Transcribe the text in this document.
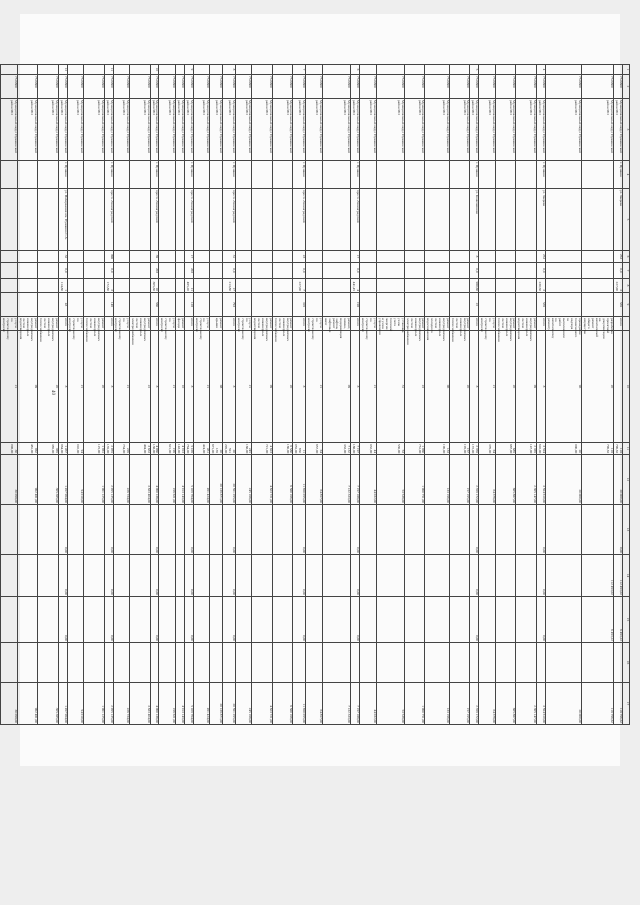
40
1	2	3	4	5	6	7	8	9		10	11	12	13	14	15	16	17
	7516800	Муниципальный округ Пушкинский район МО	г. Пушкин	ул. Зверева	253	0,0	3 227,00	539	итого		118 796,62	20 000,00	0,00	112 493,02	6 493,22		118 796,62
	7516800	Муниципальный округ Пушкинский район МО							разработка проектной документации на капитальный ремонт общего имущества	20	118 796,62			112 493,02	6 493,22		118 796,62
	7516800	Муниципальный округ Пушкинский район МО							проведение технического надзора за выполнением работ по капитальному ремонту	96	20 000,00	20 000,00					20 000,00
4	7516800	Муниципальный округ Пушкинский район МО	г. Пушкин	ул. Зверева	253	0,0	3 230,50	539	итого	8	3 594 610,00	3 594 610,00	0,00	0,00	0,00		3 594 610,00
	7516800	Муниципальный округ Пушкинский район МО							ремонт внутридомовых инженерных систем водоотведения	09	2 365 147,00	2 365 147,00					2 365 147,00
	7516800	Муниципальный округ Пушкинский район МО							ремонт внутридомовых инженерных систем теплоснабжения	20	685 887,00	685 887,00					685 887,00
	7516800	Муниципальный округ Пушкинский район МО							услуги по строительному контролю	21	64 376,00	64 376,00					64 376,00
5	7516800	Муниципальный округ Пушкинский район МО	г. Пушкин	ул. Конюшенная	8	0,0	980,60	22	итого	8	2 359 172,00	2 359 172,00	0,00	0,00	0,00		2 359 172,00
	7516800	Муниципальный округ Пушкинский район МО							ремонт внутридомовых инженерных систем теплоснабжения	20	157 195,00	157 195,00					157 195,00
	7516800	Муниципальный округ Пушкинский район МО							ремонт внутридомовых инженерных систем холодного водоснабжения	06	133 196,00	133 196,00					133 196,00
	7516800	Муниципальный округ Пушкинский район МО							ремонт внутридомовых инженерных систем электроснабжения	22	1 960 751,00	1 960 751,00					1 960 751,00
	7516800	Муниципальный округ Пушкинский район МО							установка узлов учета тепловой энергии и узлов управления	31	53 536,00	53 536,00					53 536,00
	7516800	Муниципальный округ Пушкинский район МО							услуги по строительному контролю	21	44 032,00	44 032,00					44 032,00
6	7516800	Муниципальный округ Пушкинский район МО	г. Пушкин	просп. Ленинградский	17	0,0	4 441,45	198	итого	8	7 197 188,00	7 197 188,00	0,00	0,00	0,00		7 197 188,00
	7516800	Муниципальный округ Пушкинский район МО							ремонт, замена, модернизация лифтов, ремонт лифтовых шахт	09	7 132 333,00	7 132 333,00					7 132 333,00
	7516800	Муниципальный округ Пушкинский район МО							услуги по строительному контролю	21	64 857,00	64 857,00					64 857,00
7	7516800	Муниципальный округ Пушкинский район МО	г. Пушкин	просп. Ленинградский	23	0,0	7 227,00	316	итого	8	11 650 055,00	11 650 055,00	0,00	0,00	0,00		11 650 055,00
	7516800	Муниципальный округ Пушкинский район МО							ремонт внутридомовых инженерных систем теплоснабжения	20	6 580 166,00	6 580 166,00					6 580 166,00
	7516800	Муниципальный округ Пушкинский район МО							ремонт внутридомовых инженерных систем водоотведения	09	4 823 721,00	4 823 721,00					4 823 721,00
	7516800	Муниципальный округ Пушкинский район МО							услуги по строительному контролю	21	245 168,00	245 168,00					245 168,00
8	7516800	Муниципальный округ Пушкинский район МО	г. Пушкин	просп. Ленинградский	31	0,0	17 213,80	793	итого	8	20 591 295,00	20 591 295,00	0,00	0,00	0,00		20 591 295,00
	7516800	Муниципальный округ Пушкинский район МО							ремонт крыши	08	20 139 871,00	20 139 871,00					20 139 871,00
	7516800	Муниципальный округ Пушкинский район МО							услуги по строительному контролю	21	451 424,00	451 424,00					451 424,00
9	7516800	Муниципальный округ Пушкинский район МО	г. Пушкин	просп. Ленинградский	17	203	11 485,20	128	итого	8	5 109 764,00	5 109 764,00	0,00	0,00	0,00		5 109 764,00
	7516800	Муниципальный округ Пушкинский район МО							ремонт фасада	10	4 913 143,00	4 913 143,00					4 913 143,00
	7516800	Муниципальный округ Пушкинский район МО							услуги по строительному контролю	21	196 621,00	196 621,00					196 621,00
10	7516800	Муниципальный округ Пушкинский район МО	г. Пушкин	просп. Ленинградский	39	203	10 305,30	560	итого	8	4 060 138,00	4 060 138,00	0,00	0,00	0,00		4 060 138,00
	7516800	Муниципальный округ Пушкинский район МО							ремонт внутридомовых инженерных систем электроснабжения	22	3 833 404,00	3 833 404,00					3 833 404,00
	7516800	Муниципальный округ Пушкинский район МО							услуги по строительному контролю	21	226 734,00	226 734,00					226 734,00
11	7516800	Муниципальный округ Пушкинский район МО	г. Пушкин	просп. Ленинградский	39Б	0,0	3 172,80	146	итого	8	2 055 135,00	2 055 135,00	0,00	0,00	0,00		2 055 135,00
	7516800	Муниципальный округ Пушкинский район МО							ремонт внутридомовых инженерных систем теплоснабжения	20	1 961 125,00	1 961 125,00					1 961 125,00
	7516800	Муниципальный округ Пушкинский район МО							услуги по строительному контролю	21	94 010,00	94 010,00					94 010,00
12	7516800	Муниципальный округ Пушкинский район МО	г. Пушкин	ул. Набережная им. Пушкина С.А.	32	0,0	1 114,80	43	итого	8	1 457 964,00	1 457 964,00	0,00	0,00	0,00		1 457 964,00
	7516800	Муниципальный округ Пушкинский район МО							ремонт внутридомовых инженерных систем теплоснабжения	20	365 385,00	365 385,00					365 385,00
	7516800	Муниципальный округ Пушкинский район МО							ремонт внутридомовых инженерных систем водоотведения	09	962 481,00	962 481,00					962 481,00
	7516800	Муниципальный округ Пушкинский район МО							услуги по строительному контролю	21	30 098,00	30 098,00					30 098,00
